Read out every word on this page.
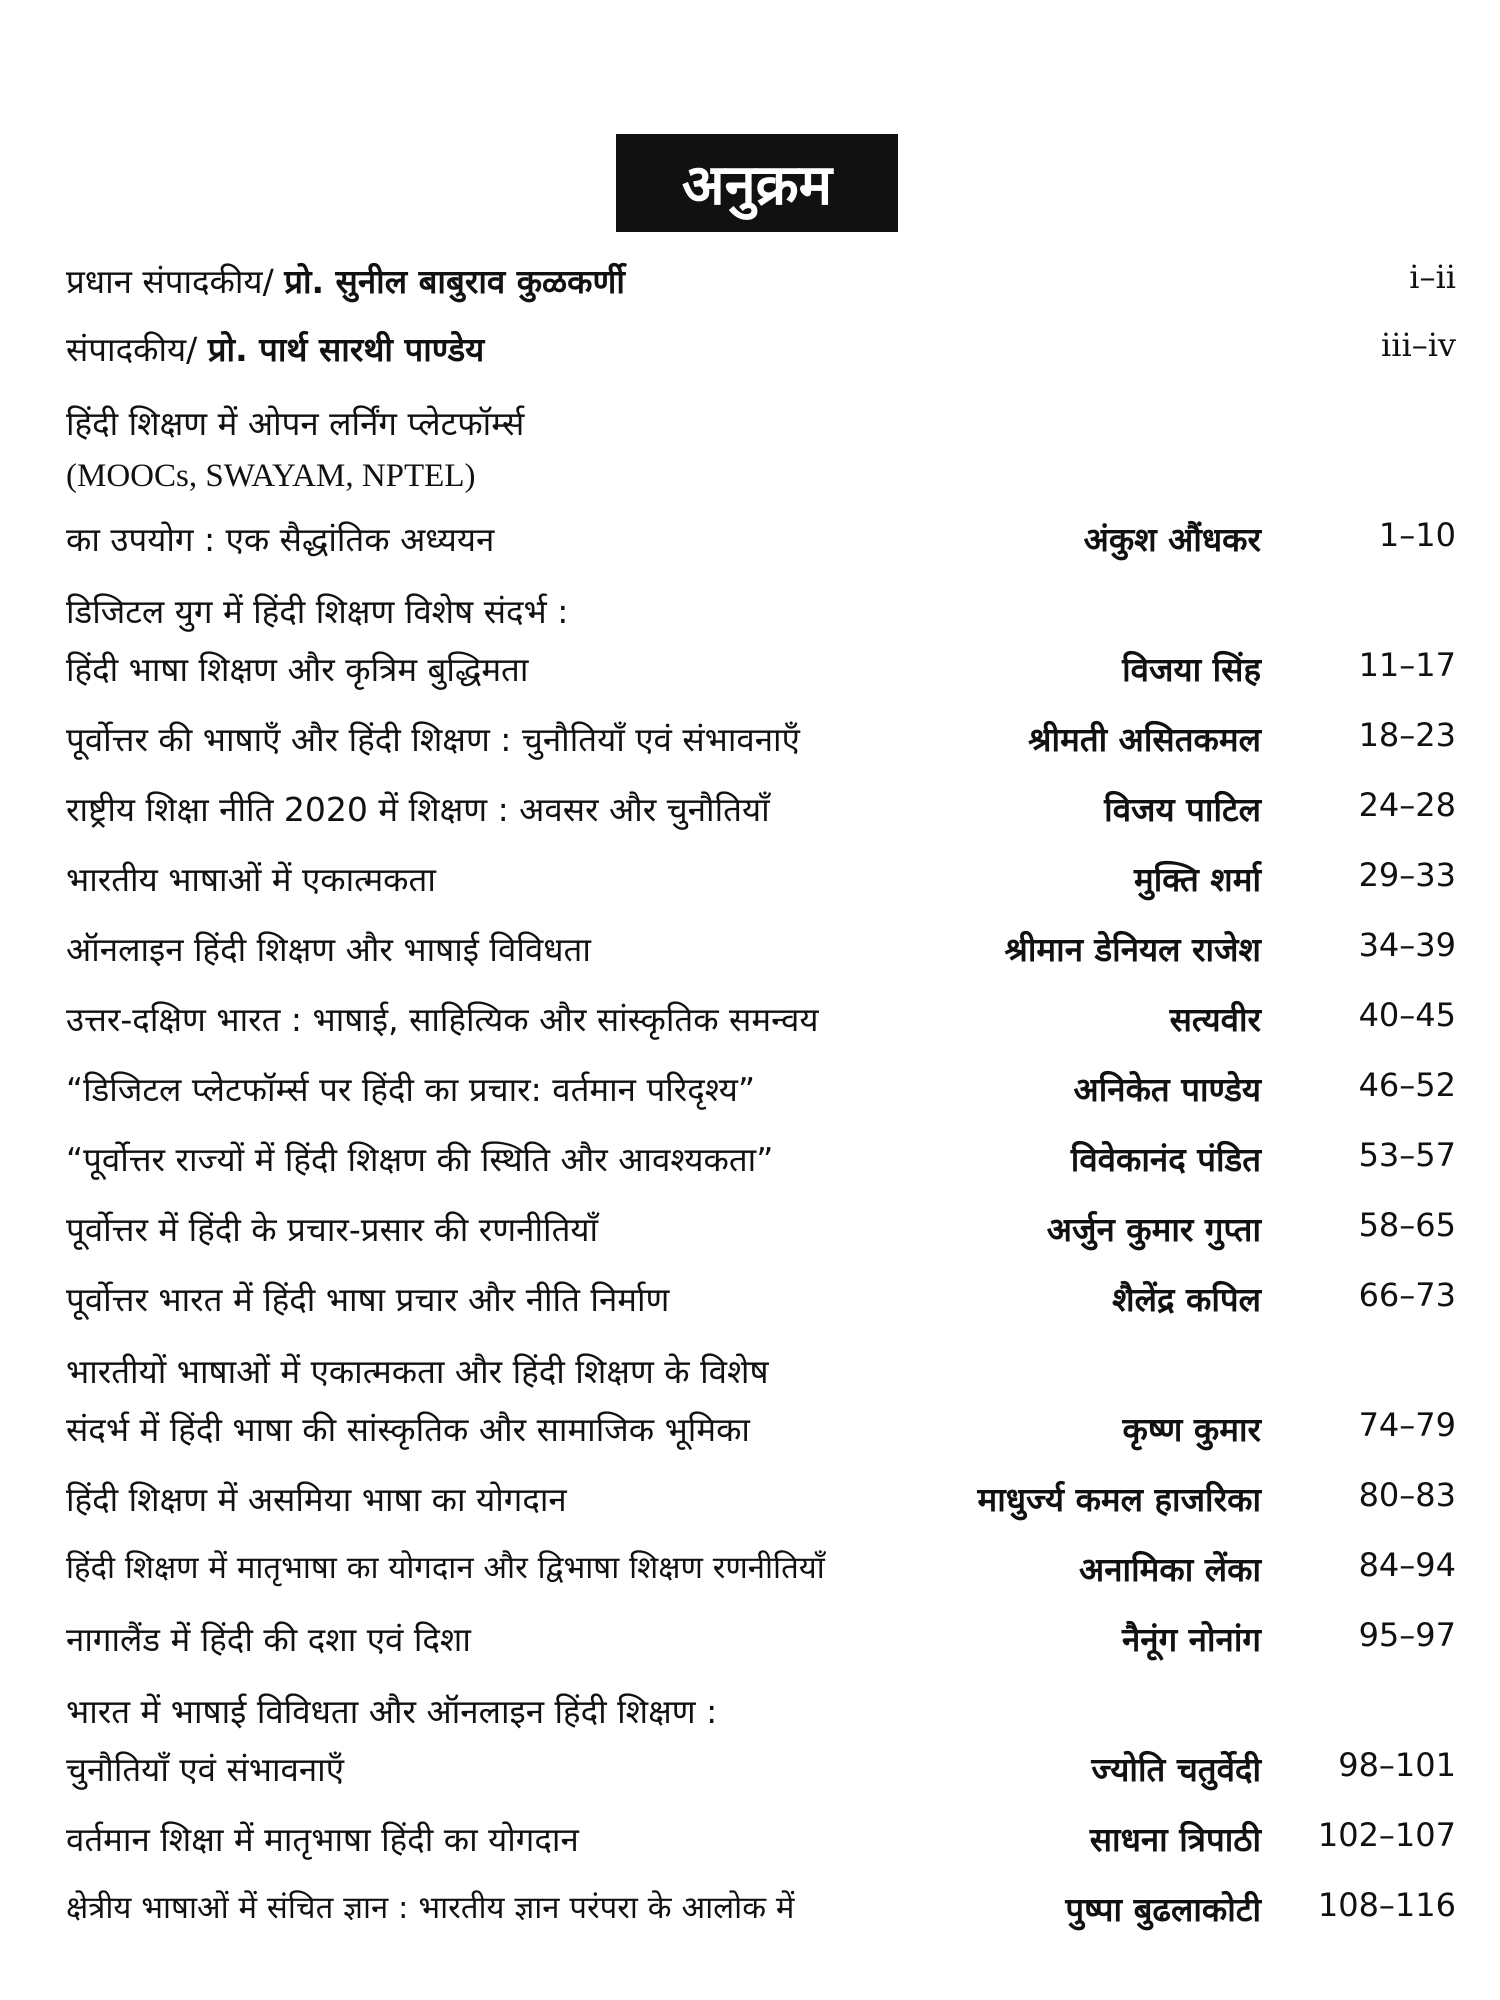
अनुक्रम
प्रधान संपादकीय/ प्रो. सुनील बाबुराव कुळकर्णी	i–ii
संपादकीय/ प्रो. पार्थ सारथी पाण्डेय	iii–iv
हिंदी शिक्षण में ओपन लर्निंग प्लेटफॉर्म्स
(MOOCs, SWAYAM, NPTEL)
का उपयोग : एक सैद्धांतिक अध्ययन	अंकुश औंधकर	1–10
डिजिटल युग में हिंदी शिक्षण विशेष संदर्भ :
हिंदी भाषा शिक्षण और कृत्रिम बुद्धिमता	विजया सिंह	11–17
पूर्वोत्तर की भाषाएँ और हिंदी शिक्षण : चुनौतियाँ एवं संभावनाएँ	श्रीमती असितकमल	18–23
राष्ट्रीय शिक्षा नीति 2020 में शिक्षण : अवसर और चुनौतियाँ	विजय पाटिल	24–28
भारतीय भाषाओं में एकात्मकता	मुक्ति शर्मा	29–33
ऑनलाइन हिंदी शिक्षण और भाषाई विविधता	श्रीमान डेनियल राजेश	34–39
उत्तर-दक्षिण भारत : भाषाई, साहित्यिक और सांस्कृतिक समन्वय	सत्यवीर	40–45
“डिजिटल प्लेटफॉर्म्स पर हिंदी का प्रचार: वर्तमान परिदृश्य”	अनिकेत पाण्डेय	46–52
“पूर्वोत्तर राज्यों में हिंदी शिक्षण की स्थिति और आवश्यकता”	विवेकानंद पंडित	53–57
पूर्वोत्तर में हिंदी के प्रचार-प्रसार की रणनीतियाँ	अर्जुन कुमार गुप्ता	58–65
पूर्वोत्तर भारत में हिंदी भाषा प्रचार और नीति निर्माण	शैलेंद्र कपिल	66–73
भारतीयों भाषाओं में एकात्मकता और हिंदी शिक्षण के विशेष
संदर्भ में हिंदी भाषा की सांस्कृतिक और सामाजिक भूमिका	कृष्ण कुमार	74–79
हिंदी शिक्षण में असमिया भाषा का योगदान	माधुर्ज्य कमल हाजरिका	80–83
हिंदी शिक्षण में मातृभाषा का योगदान और द्विभाषा शिक्षण रणनीतियाँ	अनामिका लेंका	84–94
नागालैंड में हिंदी की दशा एवं दिशा	नैनूंग नोनांग	95–97
भारत में भाषाई विविधता और ऑनलाइन हिंदी शिक्षण :
चुनौतियाँ एवं संभावनाएँ	ज्योति चतुर्वेदी 98–101
वर्तमान शिक्षा में मातृभाषा हिंदी का योगदान	साधना त्रिपाठी 102–107
क्षेत्रीय भाषाओं में संचित ज्ञान : भारतीय ज्ञान परंपरा के आलोक में	पुष्पा बुढलाकोटी 108–116
